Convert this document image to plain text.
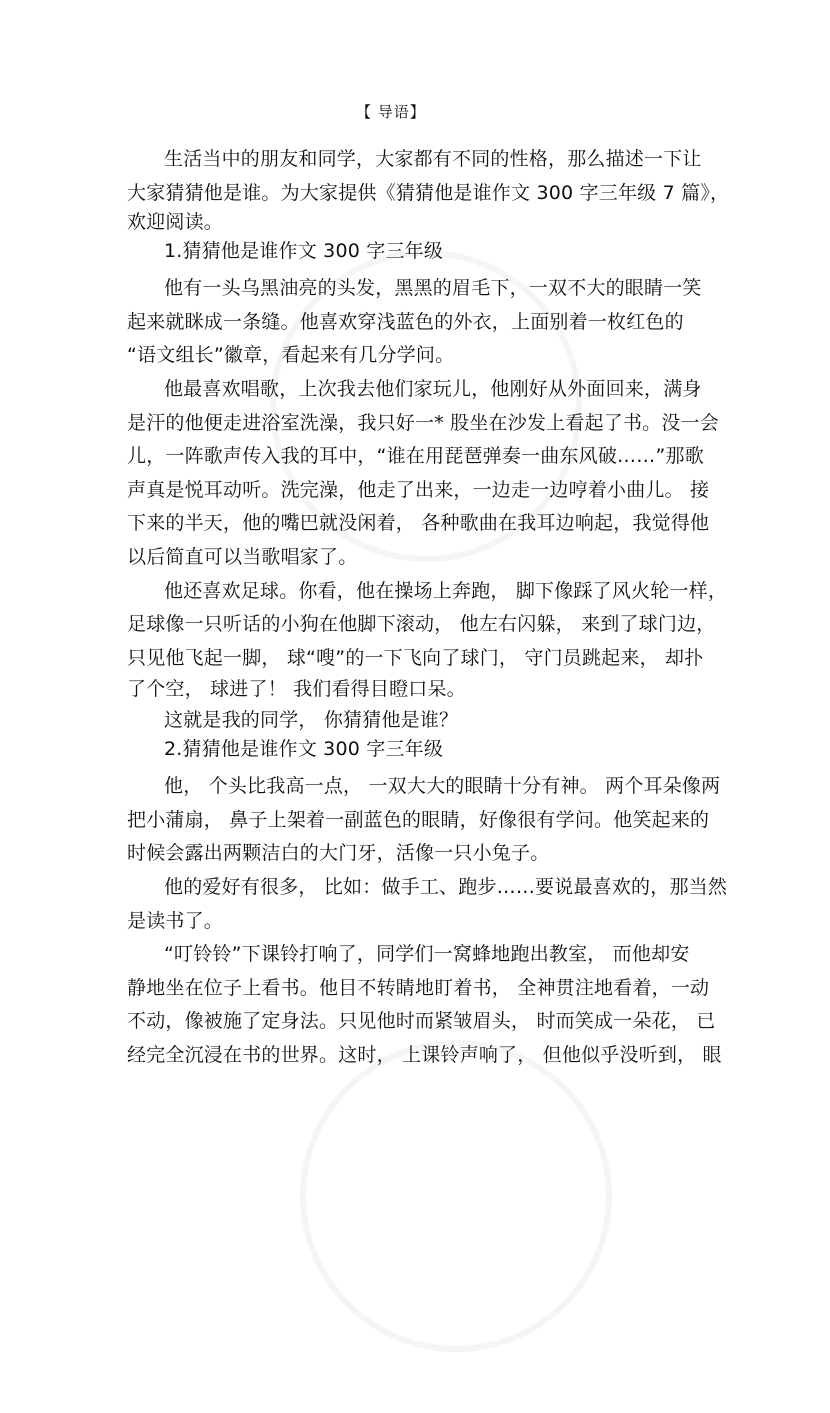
【 导语】
生活当中的朋友和同学，大家都有不同的性格，那么描述一下让
大家猜猜他是谁。为大家提供《猜猜他是谁作文 300 字三年级 7 篇》，
欢迎阅读。
1.猜猜他是谁作文 300 字三年级
他有一头乌黑油亮的头发，黑黑的眉毛下，一双不大的眼睛一笑
起来就眯成一条缝。他喜欢穿浅蓝色的外衣，上面别着一枚红色的
“语文组长”徽章，看起来有几分学问。
他最喜欢唱歌，上次我去他们家玩儿，他刚好从外面回来，满身
是汗的他便走进浴室洗澡，我只好一* 股坐在沙发上看起了书。没一会
儿，一阵歌声传入我的耳中，“谁在用琵琶弹奏一曲东风破……”那歌
声真是悦耳动听。洗完澡，他走了出来，一边走一边哼着小曲儿。 接
下来的半天，他的嘴巴就没闲着， 各种歌曲在我耳边响起，我觉得他
以后简直可以当歌唱家了。
他还喜欢足球。你看，他在操场上奔跑， 脚下像踩了风火轮一样，
足球像一只听话的小狗在他脚下滚动， 他左右闪躲， 来到了球门边，
只见他飞起一脚， 球“嗖”的一下飞向了球门， 守门员跳起来， 却扑
了个空， 球进了！ 我们看得目瞪口呆。
这就是我的同学， 你猜猜他是谁？
2.猜猜他是谁作文 300 字三年级
他， 个头比我高一点， 一双大大的眼睛十分有神。 两个耳朵像两
把小蒲扇， 鼻子上架着一副蓝色的眼睛，好像很有学问。他笑起来的
时候会露出两颗洁白的大门牙，活像一只小兔子。
他的爱好有很多， 比如：做手工、跑步……要说最喜欢的，那当然
是读书了。
“叮铃铃”下课铃打响了，同学们一窝蜂地跑出教室， 而他却安
静地坐在位子上看书。他目不转睛地盯着书， 全神贯注地看着，一动
不动，像被施了定身法。只见他时而紧皱眉头， 时而笑成一朵花， 已
经完全沉浸在书的世界。这时， 上课铃声响了， 但他似乎没听到， 眼
